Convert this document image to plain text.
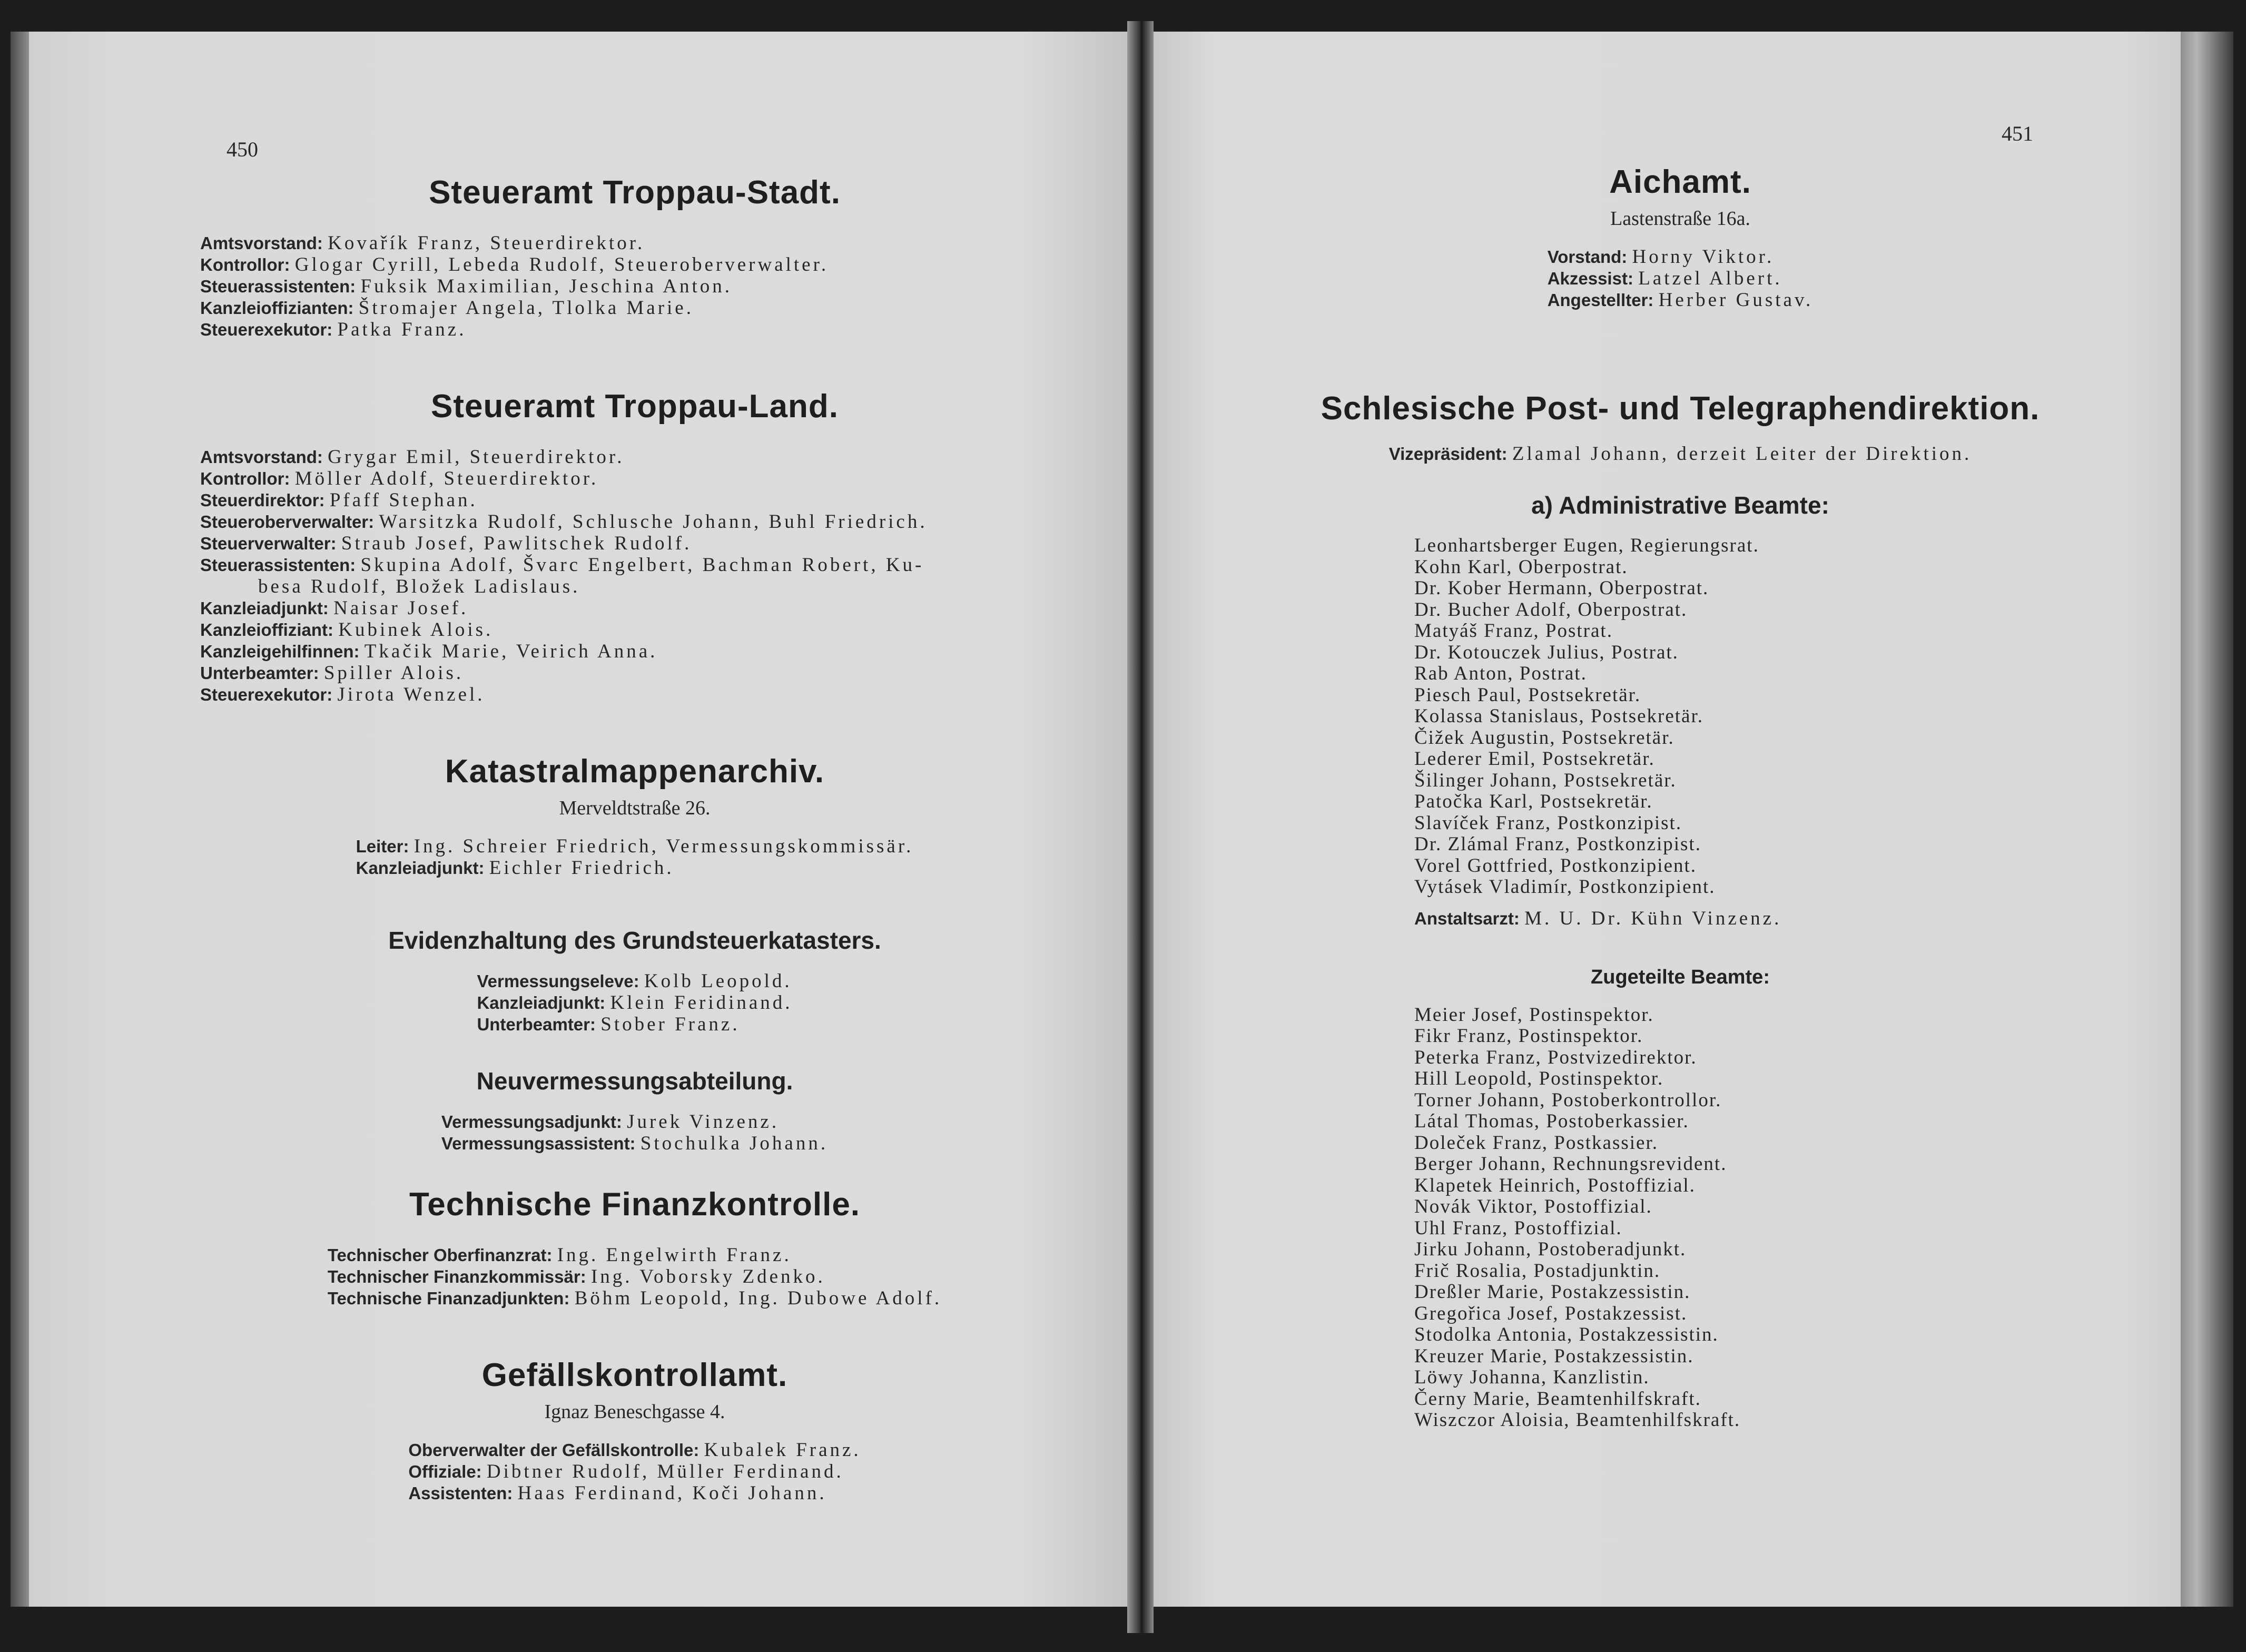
450
451
Steueramt Troppau-Stadt.
Amtsvorstand: Kovařík Franz, Steuerdirektor.
Kontrollor: Glogar Cyrill, Lebeda Rudolf, Steueroberverwalter.
Steuerassistenten: Fuksik Maximilian, Jeschina Anton.
Kanzleioffizianten: Štromajer Angela, Tlolka Marie.
Steuerexekutor: Patka Franz.
Steueramt Troppau-Land.
Amtsvorstand: Grygar Emil, Steuerdirektor.
Kontrollor: Möller Adolf, Steuerdirektor.
Steuerdirektor: Pfaff Stephan.
Steueroberverwalter: Warsitzka Rudolf, Schlusche Johann, Buhl Friedrich.
Steuerverwalter: Straub Josef, Pawlitschek Rudolf.
Steuerassistenten: Skupina Adolf, Švarc Engelbert, Bachman Robert, Ku-
besa Rudolf, Bložek Ladislaus.
Kanzleiadjunkt: Naisar Josef.
Kanzleioffiziant: Kubinek Alois.
Kanzleigehilfinnen: Tkačik Marie, Veirich Anna.
Unterbeamter: Spiller Alois.
Steuerexekutor: Jirota Wenzel.
Katastralmappenarchiv.
Merveldtstraße 26.
Leiter: Ing. Schreier Friedrich, Vermessungskommissär.
Kanzleiadjunkt: Eichler Friedrich.
Evidenzhaltung des Grundsteuerkatasters.
Vermessungseleve: Kolb Leopold.
Kanzleiadjunkt: Klein Feridinand.
Unterbeamter: Stober Franz.
Neuvermessungsabteilung.
Vermessungsadjunkt: Jurek Vinzenz.
Vermessungsassistent: Stochulka Johann.
Technische Finanzkontrolle.
Technischer Oberfinanzrat: Ing. Engelwirth Franz.
Technischer Finanzkommissär: Ing. Voborsky Zdenko.
Technische Finanzadjunkten: Böhm Leopold, Ing. Dubowe Adolf.
Gefällskontrollamt.
Ignaz Beneschgasse 4.
Oberverwalter der Gefällskontrolle: Kubalek Franz.
Offiziale: Dibtner Rudolf, Müller Ferdinand.
Assistenten: Haas Ferdinand, Koči Johann.
Aichamt.
Lastenstraße 16a.
Vorstand: Horny Viktor.
Akzessist: Latzel Albert.
Angestellter: Herber Gustav.
Schlesische Post- und Telegraphendirektion.
Vizepräsident: Zlamal Johann, derzeit Leiter der Direktion.
a) Administrative Beamte:
Leonhartsberger Eugen, Regierungsrat.
Kohn Karl, Oberpostrat.
Dr. Kober Hermann, Oberpostrat.
Dr. Bucher Adolf, Oberpostrat.
Matyáš Franz, Postrat.
Dr. Kotouczek Julius, Postrat.
Rab Anton, Postrat.
Piesch Paul, Postsekretär.
Kolassa Stanislaus, Postsekretär.
Čižek Augustin, Postsekretär.
Lederer Emil, Postsekretär.
Šilinger Johann, Postsekretär.
Patočka Karl, Postsekretär.
Slavíček Franz, Postkonzipist.
Dr. Zlámal Franz, Postkonzipist.
Vorel Gottfried, Postkonzipient.
Vytásek Vladimír, Postkonzipient.
Anstaltsarzt: M. U. Dr. Kühn Vinzenz.
Zugeteilte Beamte:
Meier Josef, Postinspektor.
Fikr Franz, Postinspektor.
Peterka Franz, Postvizedirektor.
Hill Leopold, Postinspektor.
Torner Johann, Postoberkontrollor.
Látal Thomas, Postoberkassier.
Doleček Franz, Postkassier.
Berger Johann, Rechnungsrevident.
Klapetek Heinrich, Postoffizial.
Novák Viktor, Postoffizial.
Uhl Franz, Postoffizial.
Jirku Johann, Postoberadjunkt.
Frič Rosalia, Postadjunktin.
Dreßler Marie, Postakzessistin.
Gregořica Josef, Postakzessist.
Stodolka Antonia, Postakzessistin.
Kreuzer Marie, Postakzessistin.
Löwy Johanna, Kanzlistin.
Černy Marie, Beamtenhilfskraft.
Wiszczor Aloisia, Beamtenhilfskraft.
